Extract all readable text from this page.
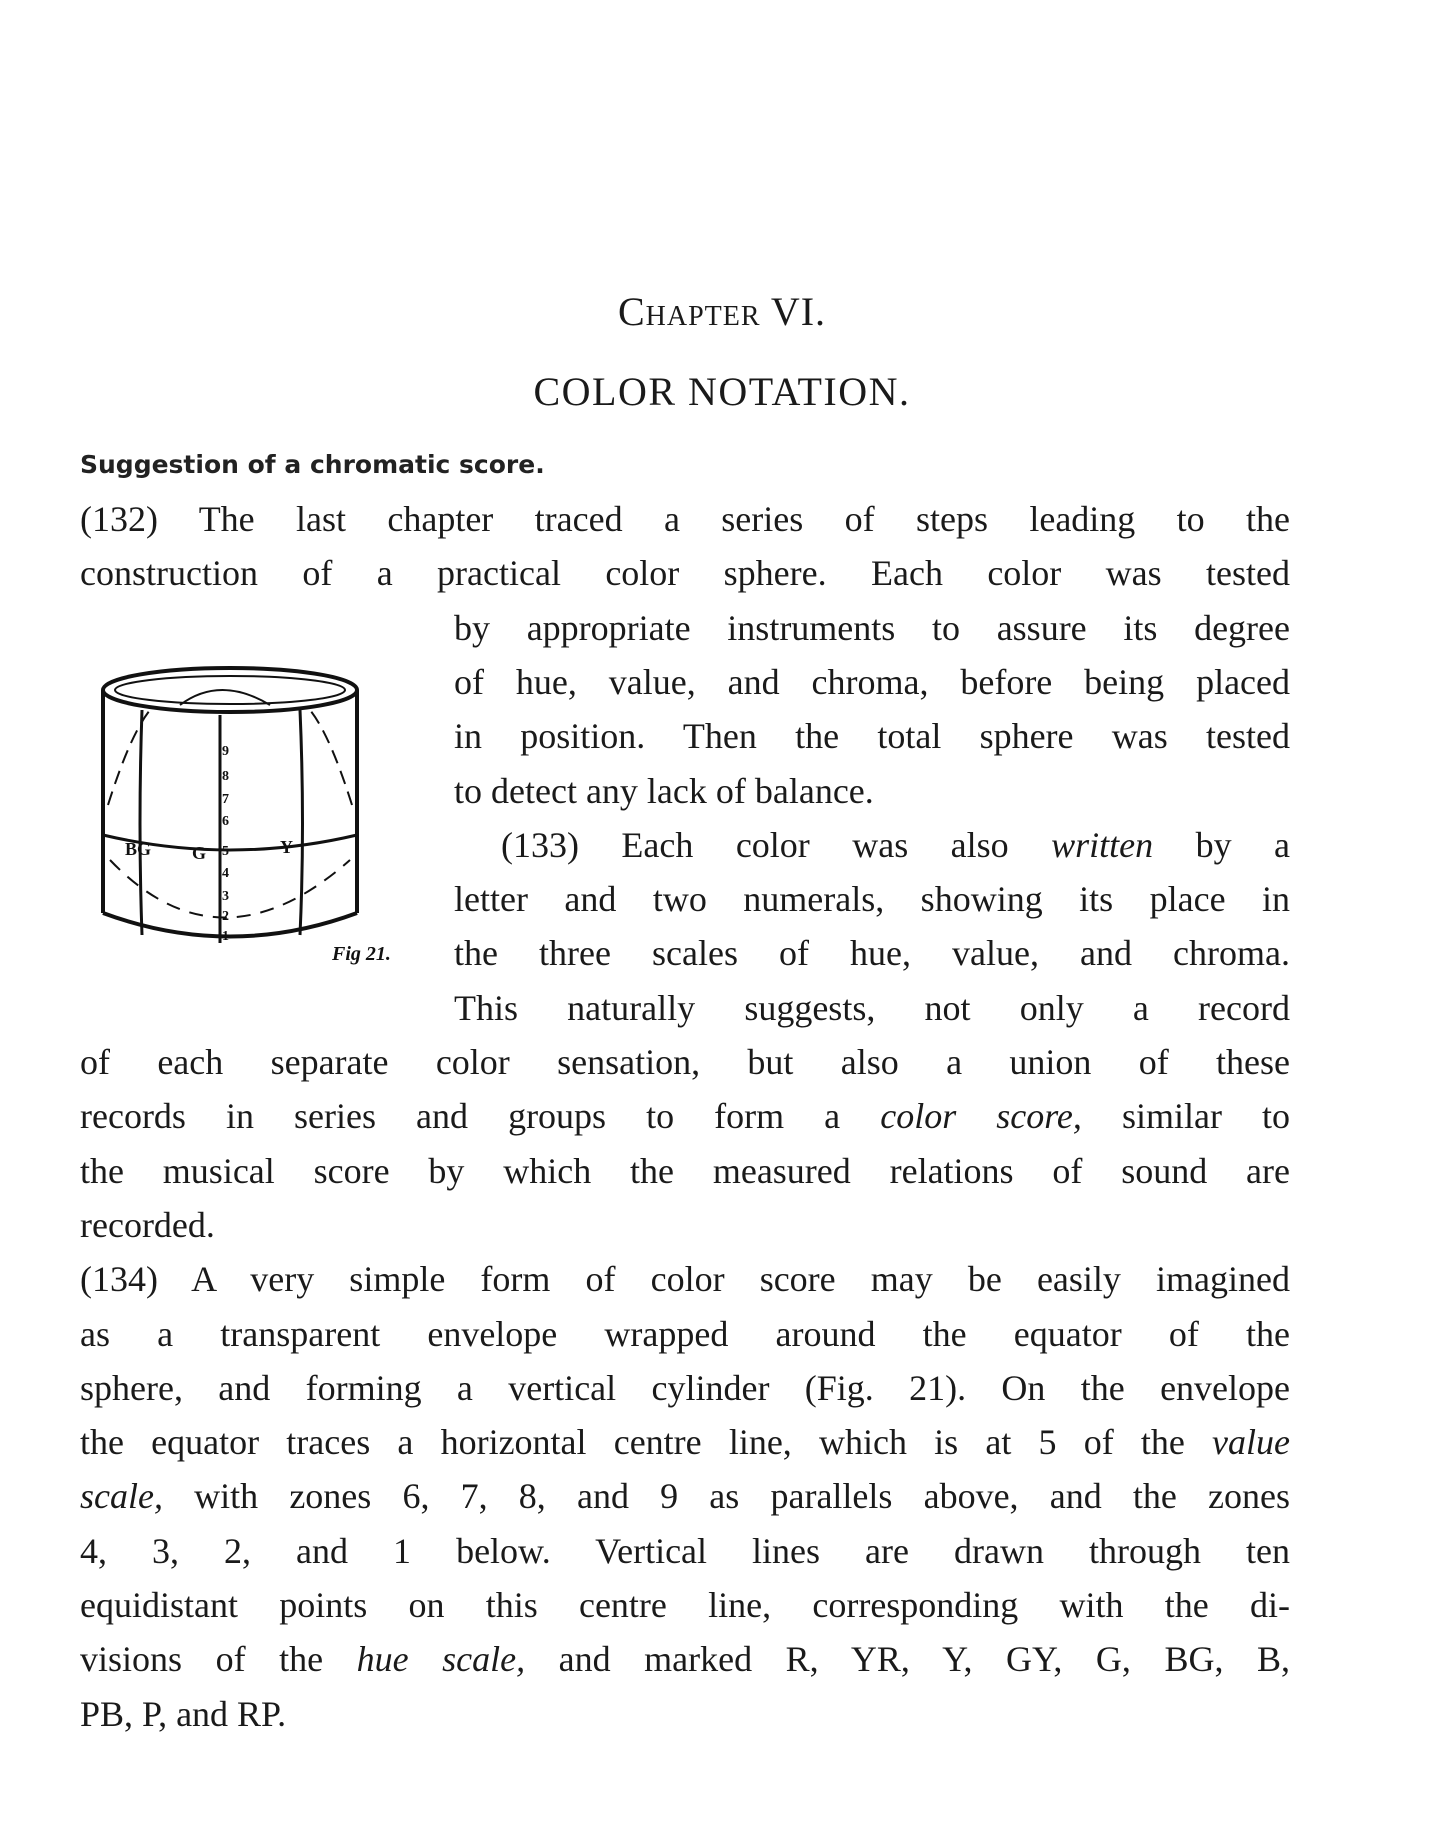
Chapter VI.
COLOR NOTATION.
Suggestion of a chromatic score.
BG G	Y
9
8
7
6
5
4
3
2
1
Fig 21.
(132) The last chapter traced a series of steps leading to the
construction of a practical color sphere. Each color was tested
by appropriate instruments to assure its degree
of hue, value, and chroma, before being placed
in position. Then the total sphere was tested
to detect any lack of balance.
(133) Each color was also written by a
letter and two numerals, showing its place in
the three scales of hue, value, and chroma.
This naturally suggests, not only a record
of each separate color sensation, but also a union of these
records in series and groups to form a color score, similar to
the musical score by which the measured relations of sound are
recorded.
(134) A very simple form of color score may be easily imagined
as a transparent envelope wrapped around the equator of the
sphere, and forming a vertical cylinder (Fig. 21). On the envelope
the equator traces a horizontal centre line, which is at 5 of the value
scale, with zones 6, 7, 8, and 9 as parallels above, and the zones
4, 3, 2, and 1 below. Vertical lines are drawn through ten
equidistant points on this centre line, corresponding with the di-
visions of the hue scale, and marked R, YR, Y, GY, G, BG, B,
PB, P, and RP.
